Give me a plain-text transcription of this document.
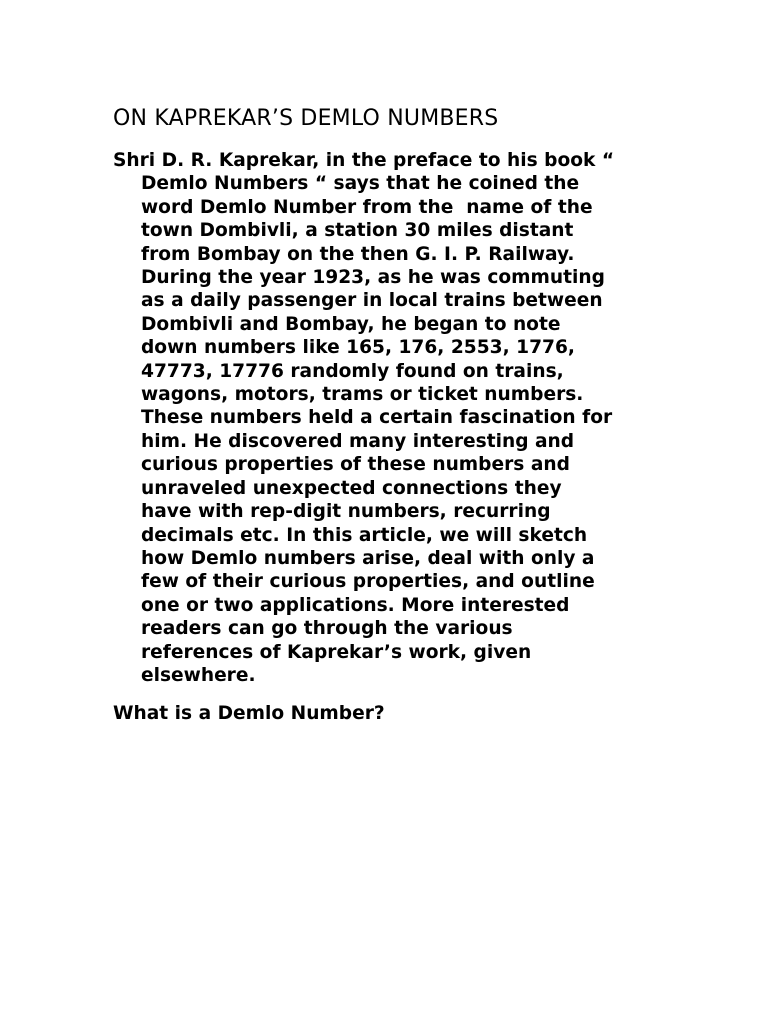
ON KAPREKAR’S DEMLO NUMBERS
Shri D. R. Kaprekar, in the preface to his book “
Demlo Numbers “ says that he coined the
word Demlo Number from the  name of the
town Dombivli, a station 30 miles distant
from Bombay on the then G. I. P. Railway.
During the year 1923, as he was commuting
as a daily passenger in local trains between
Dombivli and Bombay, he began to note
down numbers like 165, 176, 2553, 1776,
47773, 17776 randomly found on trains,
wagons, motors, trams or ticket numbers.
These numbers held a certain fascination for
him. He discovered many interesting and
curious properties of these numbers and
unraveled unexpected connections they
have with rep-digit numbers, recurring
decimals etc. In this article, we will sketch
how Demlo numbers arise, deal with only a
few of their curious properties, and outline
one or two applications. More interested
readers can go through the various
references of Kaprekar’s work, given
elsewhere.
What is a Demlo Number?
